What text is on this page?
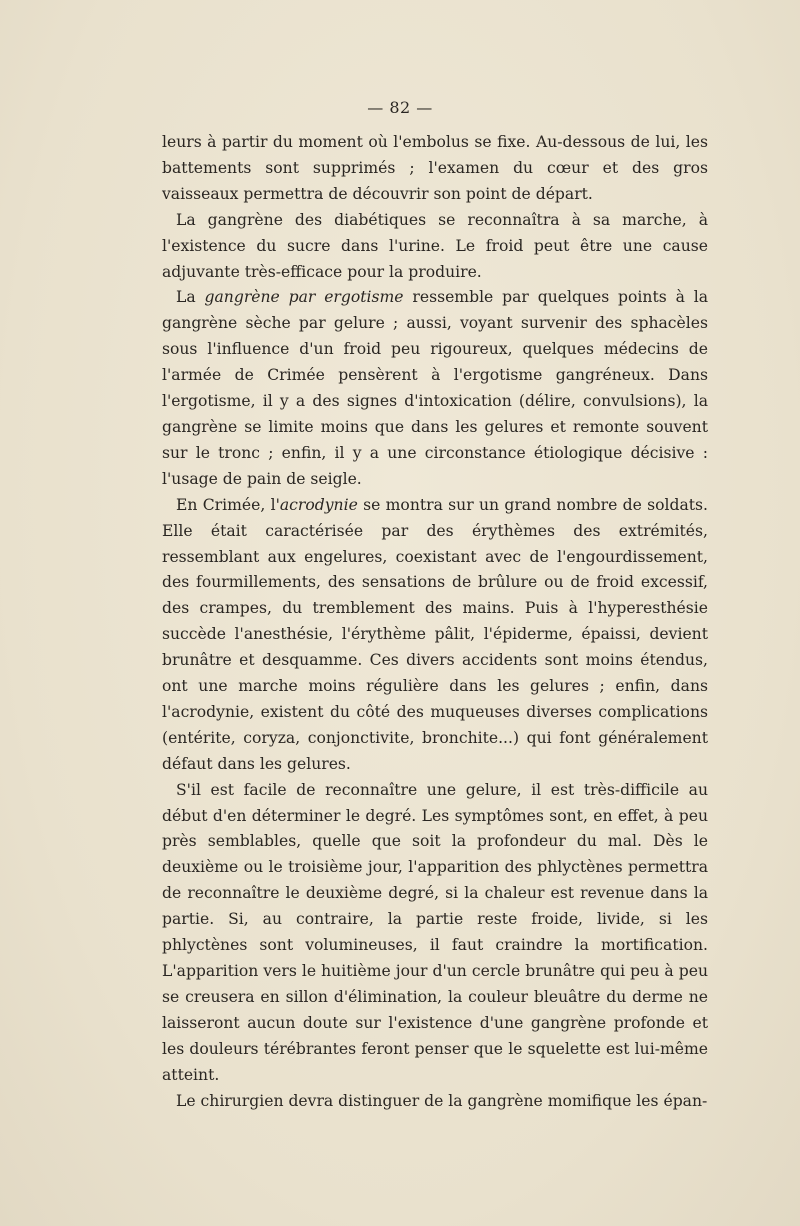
— 82 —

leurs à partir du moment où l'embolus se fixe. Au-dessous de lui, les battements sont supprimés ; l'examen du cœur et des gros vaisseaux permettra de découvrir son point de départ.

La gangrène des diabétiques se reconnaîtra à sa marche, à l'existence du sucre dans l'urine. Le froid peut être une cause adjuvante très-efficace pour la produire.

La gangrène par ergotisme ressemble par quelques points à la gangrène sèche par gelure ; aussi, voyant survenir des sphacèles sous l'influence d'un froid peu rigoureux, quelques médecins de l'armée de Crimée pensèrent à l'ergotisme gangréneux. Dans l'ergotisme, il y a des signes d'intoxication (délire, convulsions), la gangrène se limite moins que dans les gelures et remonte souvent sur le tronc ; enfin, il y a une circonstance étiologique décisive : l'usage de pain de seigle.

En Crimée, l'acrodynie se montra sur un grand nombre de soldats. Elle était caractérisée par des érythèmes des extrémités, ressemblant aux engelures, coexistant avec de l'engourdissement, des fourmillements, des sensations de brûlure ou de froid excessif, des crampes, du tremblement des mains. Puis à l'hyperesthésie succède l'anesthésie, l'érythème pâlit, l'épiderme, épaissi, devient brunâtre et desquamme. Ces divers accidents sont moins étendus, ont une marche moins régulière dans les gelures ; enfin, dans l'acrodynie, existent du côté des muqueuses diverses complications (entérite, coryza, conjonctivite, bronchite...) qui font généralement défaut dans les gelures.

S'il est facile de reconnaître une gelure, il est très-difficile au début d'en déterminer le degré. Les symptômes sont, en effet, à peu près semblables, quelle que soit la profondeur du mal. Dès le deuxième ou le troisième jour, l'apparition des phlyctènes permettra de reconnaître le deuxième degré, si la chaleur est revenue dans la partie. Si, au contraire, la partie reste froide, livide, si les phlyctènes sont volumineuses, il faut craindre la mortification. L'apparition vers le huitième jour d'un cercle brunâtre qui peu à peu se creusera en sillon d'élimination, la couleur bleuâtre du derme ne laisseront aucun doute sur l'existence d'une gangrène profonde et les douleurs térébrantes feront penser que le squelette est lui-même atteint.

Le chirurgien devra distinguer de la gangrène momifique les épan-
